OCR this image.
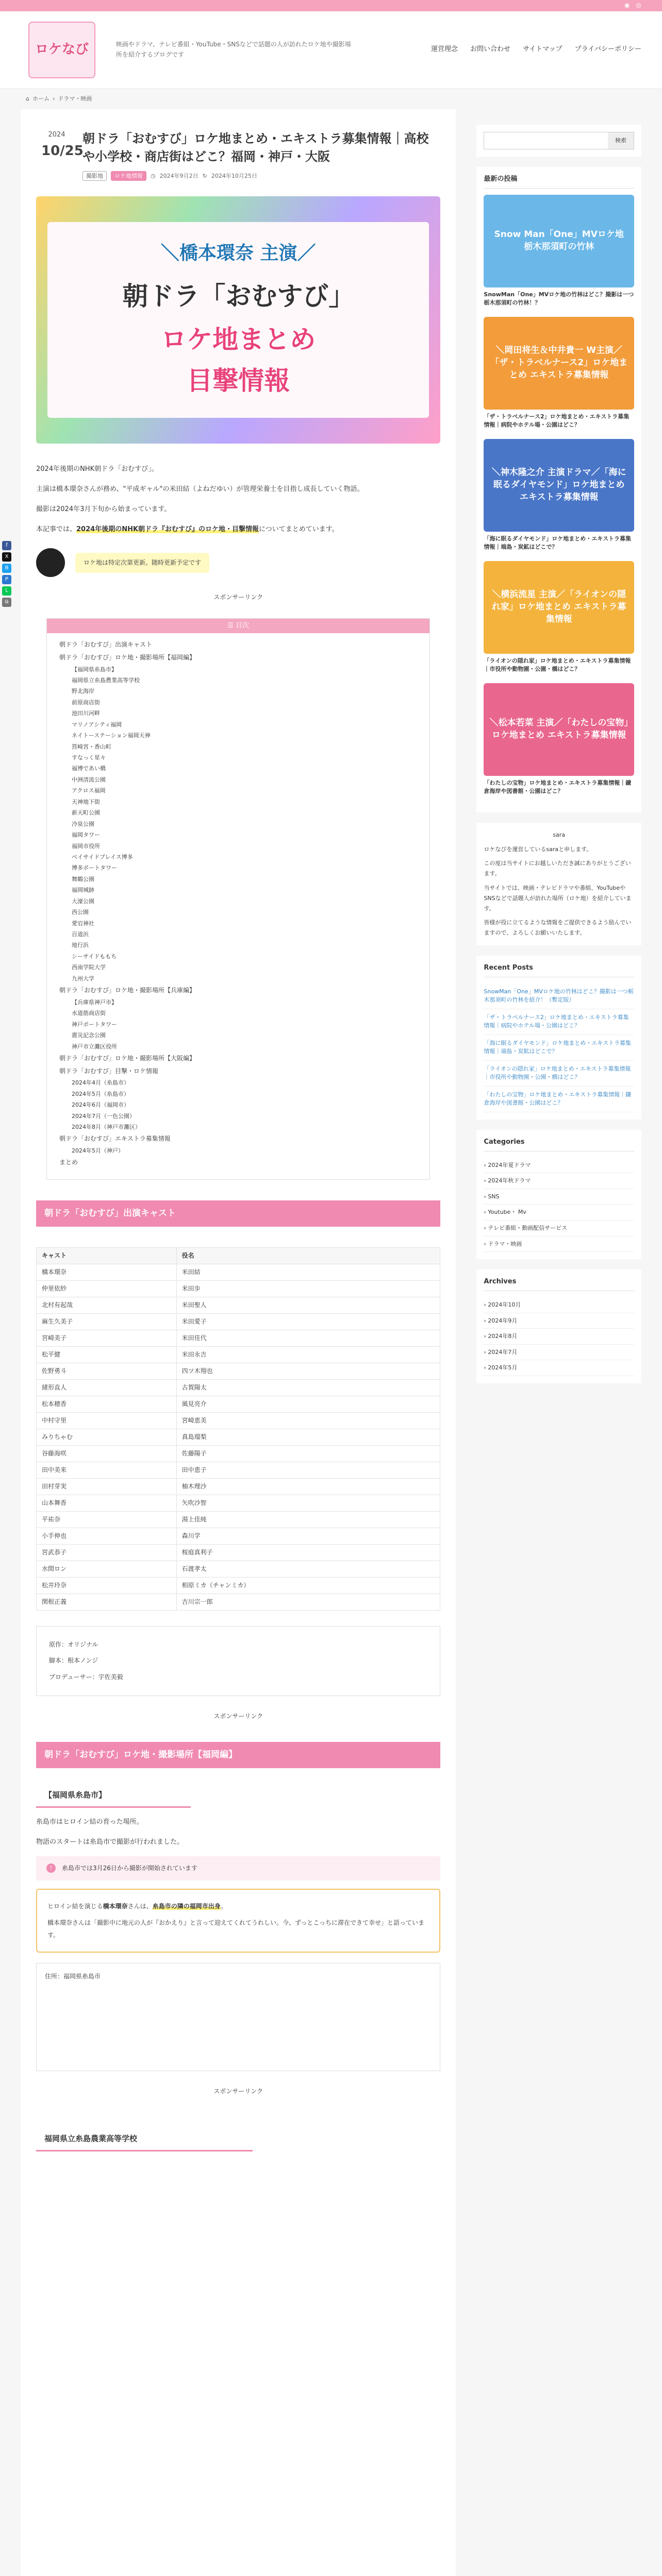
◉ ◎
ロケなび	映画やドラマ、テレビ番組・YouTube・SNSなどで話題の人が訪れたロケ地や撮影場所を紹介するブログです
運営理念 お問い合わせ サイトマップ プライバシーポリシー
⌂ ホーム › ドラマ・映画
f
X
B
P
L
⧉
2024
10/25
朝ドラ「おむすび」ロケ地まとめ・エキストラ募集情報｜高校や小学校・商店街はどこ？福岡・神戸・大阪
撮影地	ロケ地情報	◷ 2024年9月2日 ↻ 2024年10月25日
＼橋本環奈 主演／
朝ドラ「おむすび」
ロケ地まとめ
目撃情報

2024年後期のNHK朝ドラ「おむすび」。

主演は橋本環奈さんが務め、"平成ギャル"の米田結（よねだゆい）が管理栄養士を目指し成長していく物語。

撮影は2024年3月下旬から始まっています。

本記事では、2024年後期のNHK朝ドラ『おむすび』のロケ地・目撃情報についてまとめています。

ロケ地は特定次第更新。随時更新予定です
スポンサーリンク
☰ 目次
朝ドラ「おむすび」出演キャスト
朝ドラ「おむすび」ロケ地・撮影場所【福岡編】
【福岡県糸島市】
福岡県立糸島農業高等学校
野北海岸
前原商店街
池田川河畔
マリノアシティ福岡
ネイトーステーション福岡天神
筥崎宮・香山町
すなっく星々
福博であい橋
中洲清流公園
アクロス福岡
天神地下街
新天町公園
冷泉公園
福岡タワー
福岡市役所
ベイサイドプレイス博多
博多ポートタワー
舞鶴公園
福岡城跡
大濠公園
西公園
愛宕神社
百道浜
地行浜
シーサイドももち
西南学院大学
九州大学
朝ドラ「おむすび」ロケ地・撮影場所【兵庫編】
【兵庫県神戸市】
水道筋商店街
神戸ポートタワー
震災記念公園
神戸市立灘区役所
朝ドラ「おむすび」ロケ地・撮影場所【大阪編】
朝ドラ「おむすび」目撃・ロケ情報
2024年4月（糸島市）
2024年5月（糸島市）
2024年6月（福岡市）
2024年7月（一色公園）
2024年8月（神戸市灘区）
朝ドラ「おむすび」エキストラ募集情報
2024年5月（神戸）
まとめ
朝ドラ「おむすび」出演キャスト
キャスト	役名
橋本環奈	米田結
仲里依紗	米田歩
北村有起哉	米田聖人
麻生久美子	米田愛子
宮崎美子	米田佳代
松平健	米田永吉
佐野勇斗	四ツ木翔也
緒形直人	古賀陽太
松本穂香	風見亮介
中村守里	宮崎恵美
みりちゃむ	真島瑠梨
谷藤海咲	佐藤陽子
田中美来	田中恵子
田村芽実	柚木理沙
山本舞香	矢吹沙智
平祐奈	湯上佳純
小手伸也	森川学
宮武恭子	桜庭真利子
水間ロン	石渡孝太
松井玲奈	相原ミカ（チャンミカ）
関根正義	吉川宗一郎
原作：オリジナル
脚本：根本ノンジ
プロデューサー：宇佐美毅
スポンサーリンク
朝ドラ「おむすび」ロケ地・撮影場所【福岡編】
【福岡県糸島市】

糸島市はヒロイン結の育った場所。

物語のスタートは糸島市で撮影が行われました。

!	糸島市では3月26日から撮影が開始されています
ヒロイン結を演じる橋本環奈さんは、糸島市の隣の福岡市出身。
橋本環奈さんは「撮影中に地元の人が『おかえり』と言って迎えてくれてうれしい。今、ずっとこっちに滞在できて幸せ」と語っています。
住所：福岡県糸島市
スポンサーリンク
福岡県立糸島農業高等学校
検索
最新の投稿
Snow Man「One」MVロケ地 栃木那須町の竹林
SnowMan「One」MVロケ地の竹林はどこ？撮影は一つ栃木那須町の竹林！？
＼岡田将生＆中井貴一 W主演／「ザ・トラベルナース2」ロケ地まとめ エキストラ募集情報
「ザ・トラベルナース2」ロケ地まとめ・エキストラ募集情報｜病院やホテル場・公園はどこ？
＼神木隆之介 主演ドラマ／「海に眠るダイヤモンド」ロケ地まとめ エキストラ募集情報
「海に眠るダイヤモンド」ロケ地まとめ・エキストラ募集情報｜端島・炭鉱はどこで？
＼横浜流星 主演／「ライオンの隠れ家」ロケ地まとめ エキストラ募集情報
「ライオンの隠れ家」ロケ地まとめ・エキストラ募集情報｜市役所や動物園・公園・橋はどこ？
＼松本若菜 主演／「わたしの宝物」ロケ地まとめ エキストラ募集情報
「わたしの宝物」ロケ地まとめ・エキストラ募集情報｜鎌倉海岸や図書館・公園はどこ？
sara

ロケなびを運営しているsaraと申します。

この度は当サイトにお越しいただき誠にありがとうございます。

当サイトでは、映画・テレビドラマや番組、YouTubeやSNSなどで話題人が訪れた場所（ロケ地）を紹介しています。

皆様が役に立てるような情報をご提供できるよう励んでいますので、よろしくお願いいたします。

Recent Posts
SnowMan「One」MVロケ地の竹林はどこ？撮影は一つ栃木那須町の竹林を紹介！（暫定版）
「ザ・トラベルナース2」ロケ地まとめ・エキストラ募集情報｜病院やホテル場・公園はどこ？
「海に眠るダイヤモンド」ロケ地まとめ・エキストラ募集情報｜端島・炭鉱はどこで？
「ライオンの隠れ家」ロケ地まとめ・エキストラ募集情報｜市役所や動物園・公園・橋はどこ？
「わたしの宝物」ロケ地まとめ・エキストラ募集情報｜鎌倉海岸や図書館・公園はどこ？
Categories
› 2024年夏ドラマ
› 2024年秋ドラマ
› SNS
› Youtube・ Mv
› テレビ番組・動画配信サービス
› ドラマ・映画
Archives
› 2024年10月
› 2024年9月
› 2024年8月
› 2024年7月
› 2024年5月
